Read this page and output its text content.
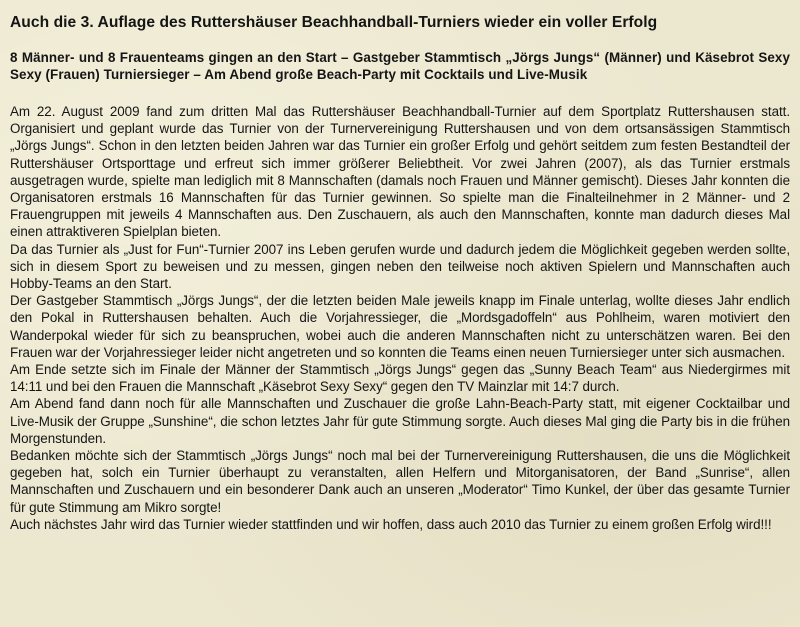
Auch die 3. Auflage des Ruttershäuser Beachhandball-Turniers wieder ein voller Erfolg
8 Männer- und 8 Frauenteams gingen an den Start – Gastgeber Stammtisch „Jörgs Jungs“ (Männer) und Käsebrot Sexy Sexy (Frauen) Turniersieger – Am Abend große Beach-Party mit Cocktails und Live-Musik

Am 22. August 2009 fand zum dritten Mal das Ruttershäuser Beachhandball-Turnier auf dem Sportplatz Ruttershausen statt. Organisiert und geplant wurde das Turnier von der Turnervereinigung Ruttershausen und von dem ortsansässigen Stammtisch „Jörgs Jungs“. Schon in den letzten beiden Jahren war das Turnier ein großer Erfolg und gehört seitdem zum festen Bestandteil der Ruttershäuser Ortsporttage und erfreut sich immer größerer Beliebtheit. Vor zwei Jahren (2007), als das Turnier erstmals ausgetragen wurde, spielte man lediglich mit 8 Mannschaften (damals noch Frauen und Männer gemischt). Dieses Jahr konnten die Organisatoren erstmals 16 Mannschaften für das Turnier gewinnen. So spielte man die Finalteilnehmer in 2 Männer- und 2 Frauengruppen mit jeweils 4 Mannschaften aus. Den Zuschauern, als auch den Mannschaften, konnte man dadurch dieses Mal einen attraktiveren Spielplan bieten.

Da das Turnier als „Just for Fun“-Turnier 2007 ins Leben gerufen wurde und dadurch jedem die Möglichkeit gegeben werden sollte, sich in diesem Sport zu beweisen und zu messen, gingen neben den teilweise noch aktiven Spielern und Mannschaften auch Hobby-Teams an den Start.

Der Gastgeber Stammtisch „Jörgs Jungs“, der die letzten beiden Male jeweils knapp im Finale unterlag, wollte dieses Jahr endlich den Pokal in Ruttershausen behalten. Auch die Vorjahressieger, die „Mordsgadoffeln“ aus Pohlheim, waren motiviert den Wanderpokal wieder für sich zu beanspruchen, wobei auch die anderen Mannschaften nicht zu unterschätzen waren. Bei den Frauen war der Vorjahressieger leider nicht angetreten und so konnten die Teams einen neuen Turniersieger unter sich ausmachen.

Am Ende setzte sich im Finale der Männer der Stammtisch „Jörgs Jungs“ gegen das „Sunny Beach Team“ aus Niedergirmes mit 14:11 und bei den Frauen die Mannschaft „Käsebrot Sexy Sexy“ gegen den TV Mainzlar mit 14:7 durch.

Am Abend fand dann noch für alle Mannschaften und Zuschauer die große Lahn-Beach-Party statt, mit eigener Cocktailbar und Live-Musik der Gruppe „Sunshine“, die schon letztes Jahr für gute Stimmung sorgte. Auch dieses Mal ging die Party bis in die frühen Morgenstunden.

Bedanken möchte sich der Stammtisch „Jörgs Jungs“ noch mal bei der Turnervereinigung Ruttershausen, die uns die Möglichkeit gegeben hat, solch ein Turnier überhaupt zu veranstalten, allen Helfern und Mitorganisatoren, der Band „Sunrise“, allen Mannschaften und Zuschauern und ein besonderer Dank auch an unseren „Moderator“ Timo Kunkel, der über das gesamte Turnier für gute Stimmung am Mikro sorgte!

Auch nächstes Jahr wird das Turnier wieder stattfinden und wir hoffen, dass auch 2010 das Turnier zu einem großen Erfolg wird!!!
